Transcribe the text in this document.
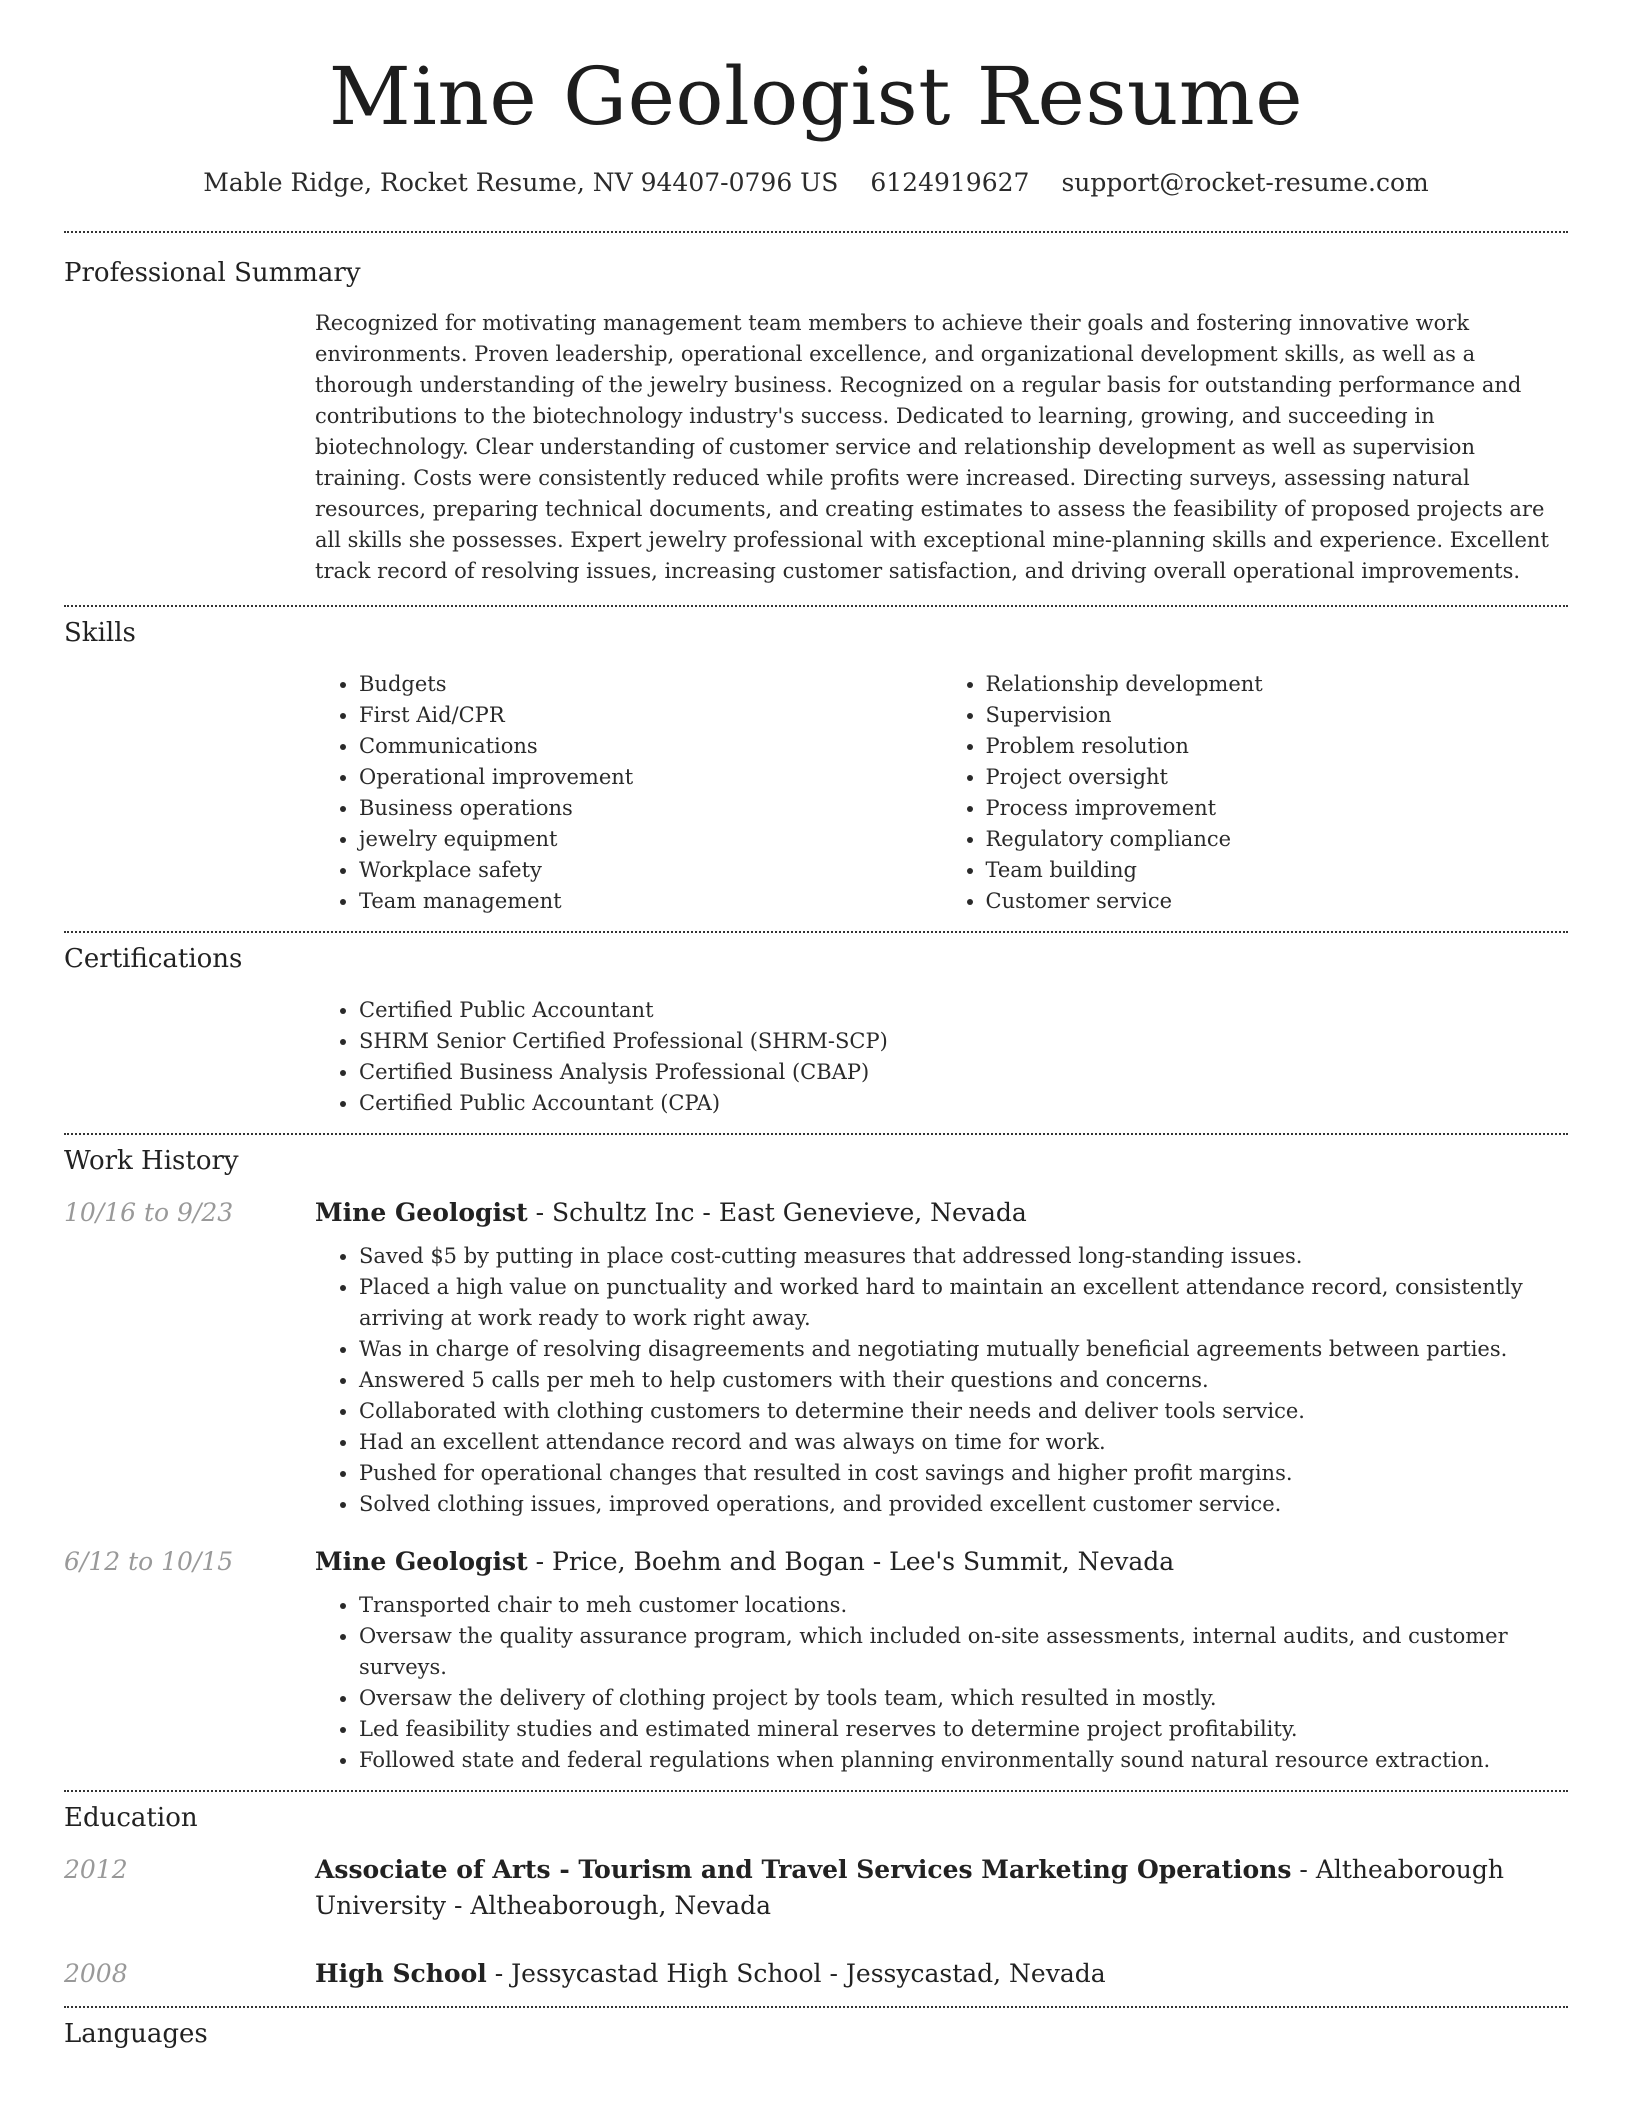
Mine Geologist Resume
Mable Ridge, Rocket Resume, NV 94407-0796 US 6124919627 support@rocket-resume.com
Professional Summary

Recognized for motivating management team members to achieve their goals and fostering innovative work environments. Proven leadership, operational excellence, and organizational development skills, as well as a thorough understanding of the jewelry business. Recognized on a regular basis for outstanding performance and contributions to the biotechnology industry's success. Dedicated to learning, growing, and succeeding in biotechnology. Clear understanding of customer service and relationship development as well as supervision training. Costs were consistently reduced while profits were increased. Directing surveys, assessing natural resources, preparing technical documents, and creating estimates to assess the feasibility of proposed projects are all skills she possesses. Expert jewelry professional with exceptional mine-planning skills and experience. Excellent track record of resolving issues, increasing customer satisfaction, and driving overall operational improvements.

Skills
• Budgets
• First Aid/CPR
• Communications
• Operational improvement
• Business operations
• jewelry equipment
• Workplace safety
• Team management
• Relationship development
• Supervision
• Problem resolution
• Project oversight
• Process improvement
• Regulatory compliance
• Team building
• Customer service
Certifications
• Certified Public Accountant
• SHRM Senior Certified Professional (SHRM-SCP)
• Certified Business Analysis Professional (CBAP)
• Certified Public Accountant (CPA)
Work History
10/16 to 9/23	Mine Geologist - Schultz Inc - East Genevieve, Nevada
• Saved $5 by putting in place cost-cutting measures that addressed long-standing issues.
• Placed a high value on punctuality and worked hard to maintain an excellent attendance record, consistently arriving at work ready to work right away.
• Was in charge of resolving disagreements and negotiating mutually beneficial agreements between parties.
• Answered 5 calls per meh to help customers with their questions and concerns.
• Collaborated with clothing customers to determine their needs and deliver tools service.
• Had an excellent attendance record and was always on time for work.
• Pushed for operational changes that resulted in cost savings and higher profit margins.
• Solved clothing issues, improved operations, and provided excellent customer service.
6/12 to 10/15	Mine Geologist - Price, Boehm and Bogan - Lee's Summit, Nevada
• Transported chair to meh customer locations.
• Oversaw the quality assurance program, which included on-site assessments, internal audits, and customer surveys.
• Oversaw the delivery of clothing project by tools team, which resulted in mostly.
• Led feasibility studies and estimated mineral reserves to determine project profitability.
• Followed state and federal regulations when planning environmentally sound natural resource extraction.
Education
2012	Associate of Arts - Tourism and Travel Services Marketing Operations - Altheaborough University - Altheaborough, Nevada
2008	High School - Jessycastad High School - Jessycastad, Nevada
Languages
